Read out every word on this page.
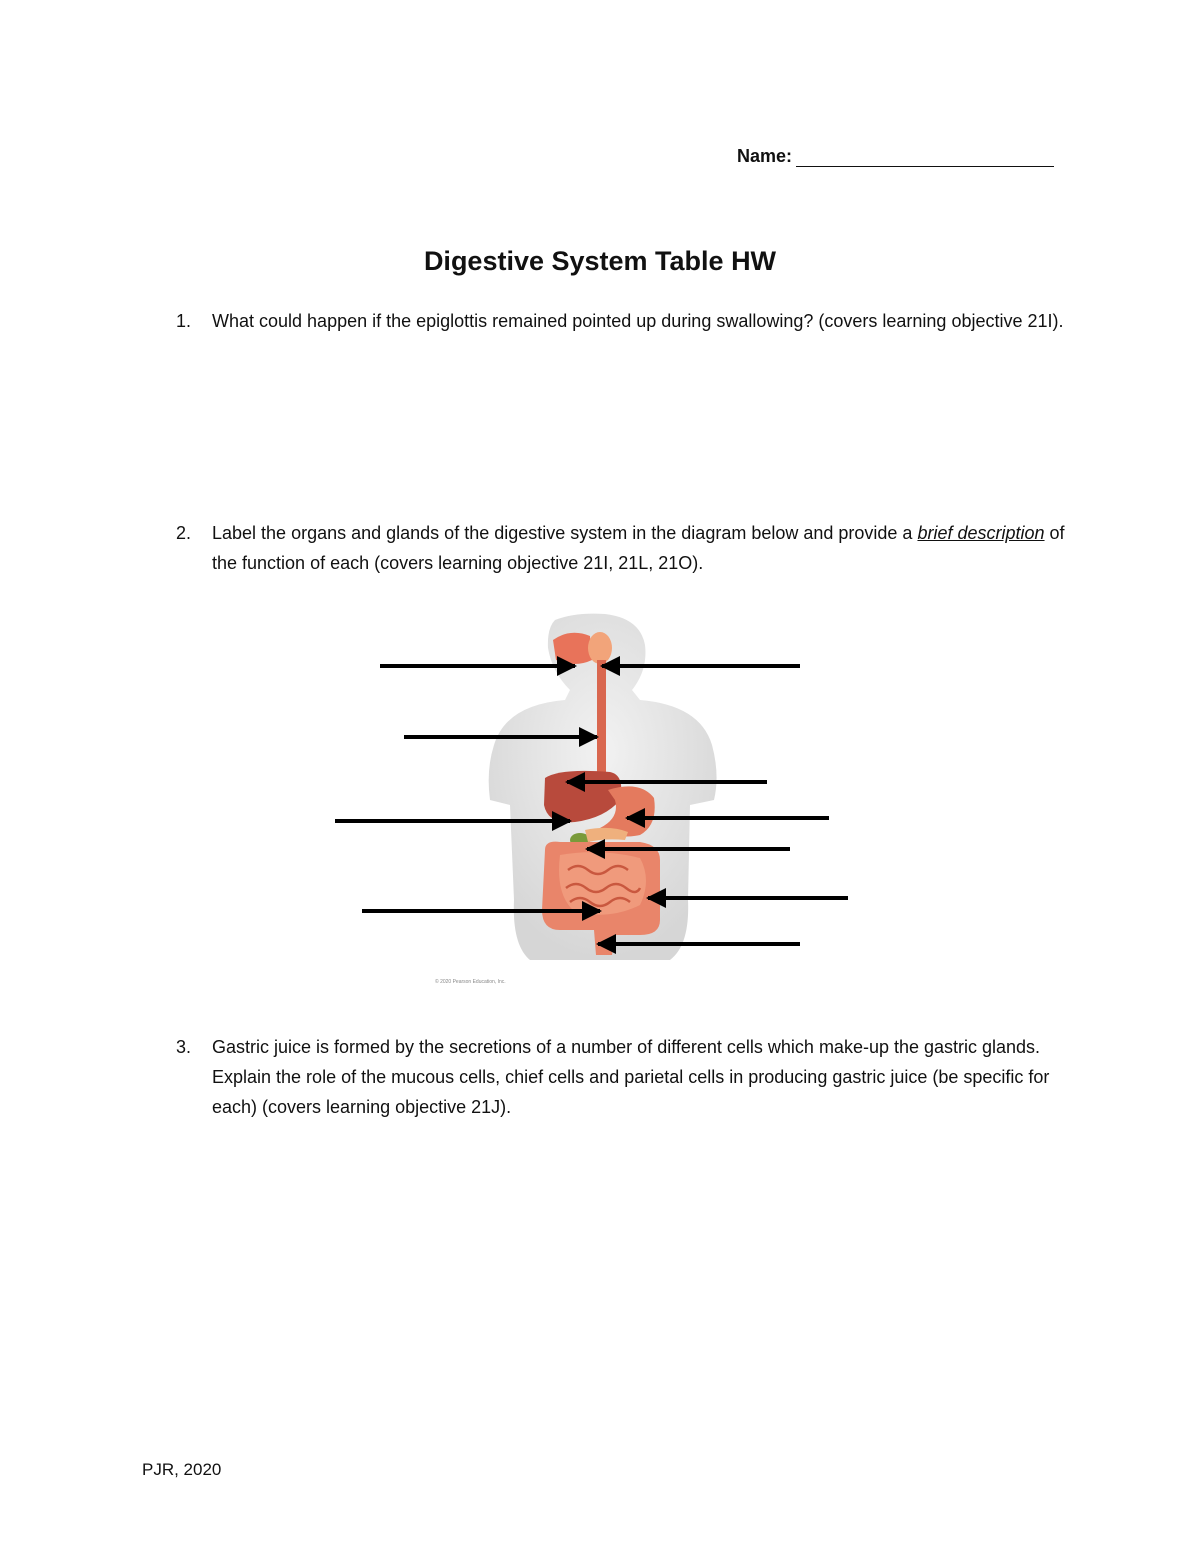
Name:
Digestive System Table HW
1. What could happen if the epiglottis remained pointed up during swallowing? (covers learning objective 21I).
2. Label the organs and glands of the digestive system in the diagram below and provide a brief description of the function of each (covers learning objective 21I, 21L, 21O).
© 2020 Pearson Education, Inc.
3. Gastric juice is formed by the secretions of a number of different cells which make-up the gastric glands. Explain the role of the mucous cells, chief cells and parietal cells in producing gastric juice (be specific for each) (covers learning objective 21J).
PJR, 2020
